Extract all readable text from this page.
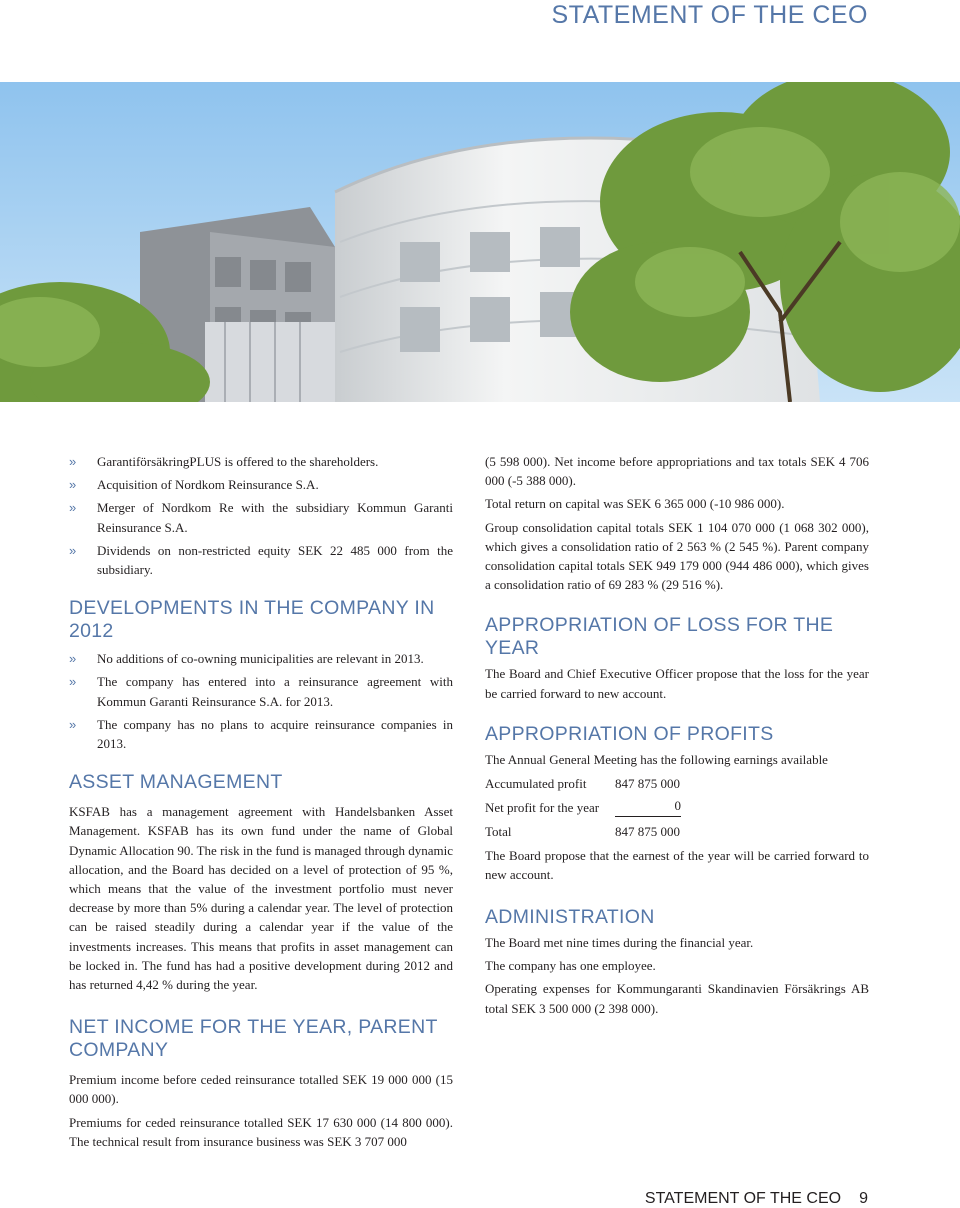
STATEMENT OF THE CEO
» GarantiförsäkringPLUS is offered to the shareholders.
» Acquisition of Nordkom Reinsurance S.A.
» Merger of Nordkom Re with the subsidiary Kommun Garanti Reinsurance S.A.
» Dividends on non-restricted equity SEK 22 485 000 from the subsidiary.
DEVELOPMENTS IN THE COMPANY IN 2012
» No additions of co-owning municipalities are relevant in 2013.
» The company has entered into a reinsurance agreement with Kommun Garanti Reinsurance S.A. for 2013.
» The company has no plans to acquire reinsurance companies in 2013.
ASSET MANAGEMENT

KSFAB has a management agreement with Handelsbanken Asset Management. KSFAB has its own fund under the name of Global Dynamic Allocation 90. The risk in the fund is managed through dynamic allocation, and the Board has decided on a level of protection of 95 %, which means that the value of the investment portfolio must never decrease by more than 5% during a calendar year. The level of protection can be raised steadily during a calendar year if the value of the investments increases. This means that profits in asset management can be locked in. The fund has had a positive development during 2012 and has returned 4,42 % during the year.

NET INCOME FOR THE YEAR, PARENT COMPANY

Premium income before ceded reinsurance totalled SEK 19 000 000 (15 000 000).

Premiums for ceded reinsurance totalled SEK 17 630 000 (14 800 000). The technical result from insurance business was SEK 3 707 000

(5 598 000). Net income before appropriations and tax totals SEK 4 706 000 (-5 388 000).

Total return on capital was SEK 6 365 000 (-10 986 000).

Group consolidation capital totals SEK 1 104 070 000 (1 068 302 000), which gives a consolidation ratio of 2 563 % (2 545 %). Parent company consolidation capital totals SEK 949 179 000 (944 486 000), which gives a consolidation ratio of 69 283 % (29 516 %).

APPROPRIATION OF LOSS FOR THE YEAR

The Board and Chief Executive Officer propose that the loss for the year be carried forward to new account.

APPROPRIATION OF PROFITS

The Annual General Meeting has the following earnings available

Accumulated profit	847 875 000
Net profit for the year	0
Total	847 875 000

The Board propose that the earnest of the year will be carried forward to new account.

ADMINISTRATION

The Board met nine times during the financial year.

The company has one employee.

Operating expenses for Kommungaranti Skandinavien Försäkrings AB total SEK 3 500 000 (2 398 000).

STATEMENT OF THE CEO 9
